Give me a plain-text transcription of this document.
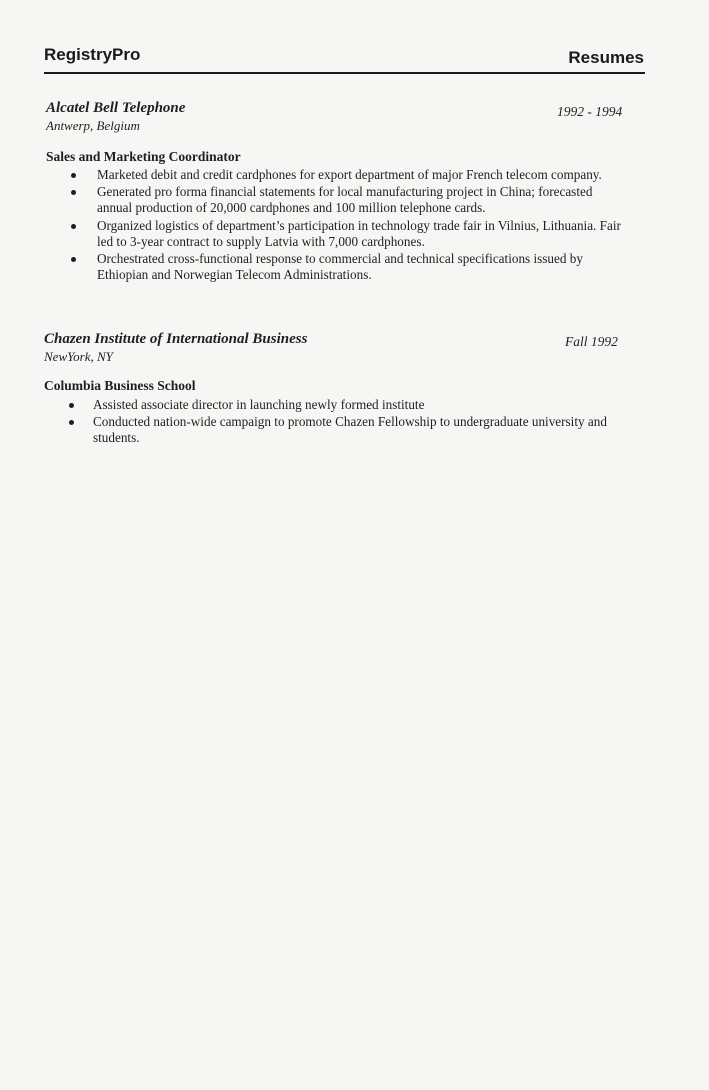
RegistryPro	Resumes
Alcatel Bell Telephone
Antwerp, Belgium
1992 - 1994
Sales and Marketing Coordinator
Marketed debit and credit cardphones for export department of major French telecom company.
Generated pro forma financial statements for local manufacturing project in China; forecasted annual production of 20,000 cardphones and 100 million telephone cards.
Organized logistics of department’s participation in technology trade fair in Vilnius, Lithuania. Fair led to 3-year contract to supply Latvia with 7,000 cardphones.
Orchestrated cross-functional response to commercial and technical specifications issued by Ethiopian and Norwegian Telecom Administrations.
Chazen Institute of International Business
NewYork, NY
Fall 1992
Columbia Business School
Assisted associate director in launching newly formed institute
Conducted nation-wide campaign to promote Chazen Fellowship to undergraduate university and students.
